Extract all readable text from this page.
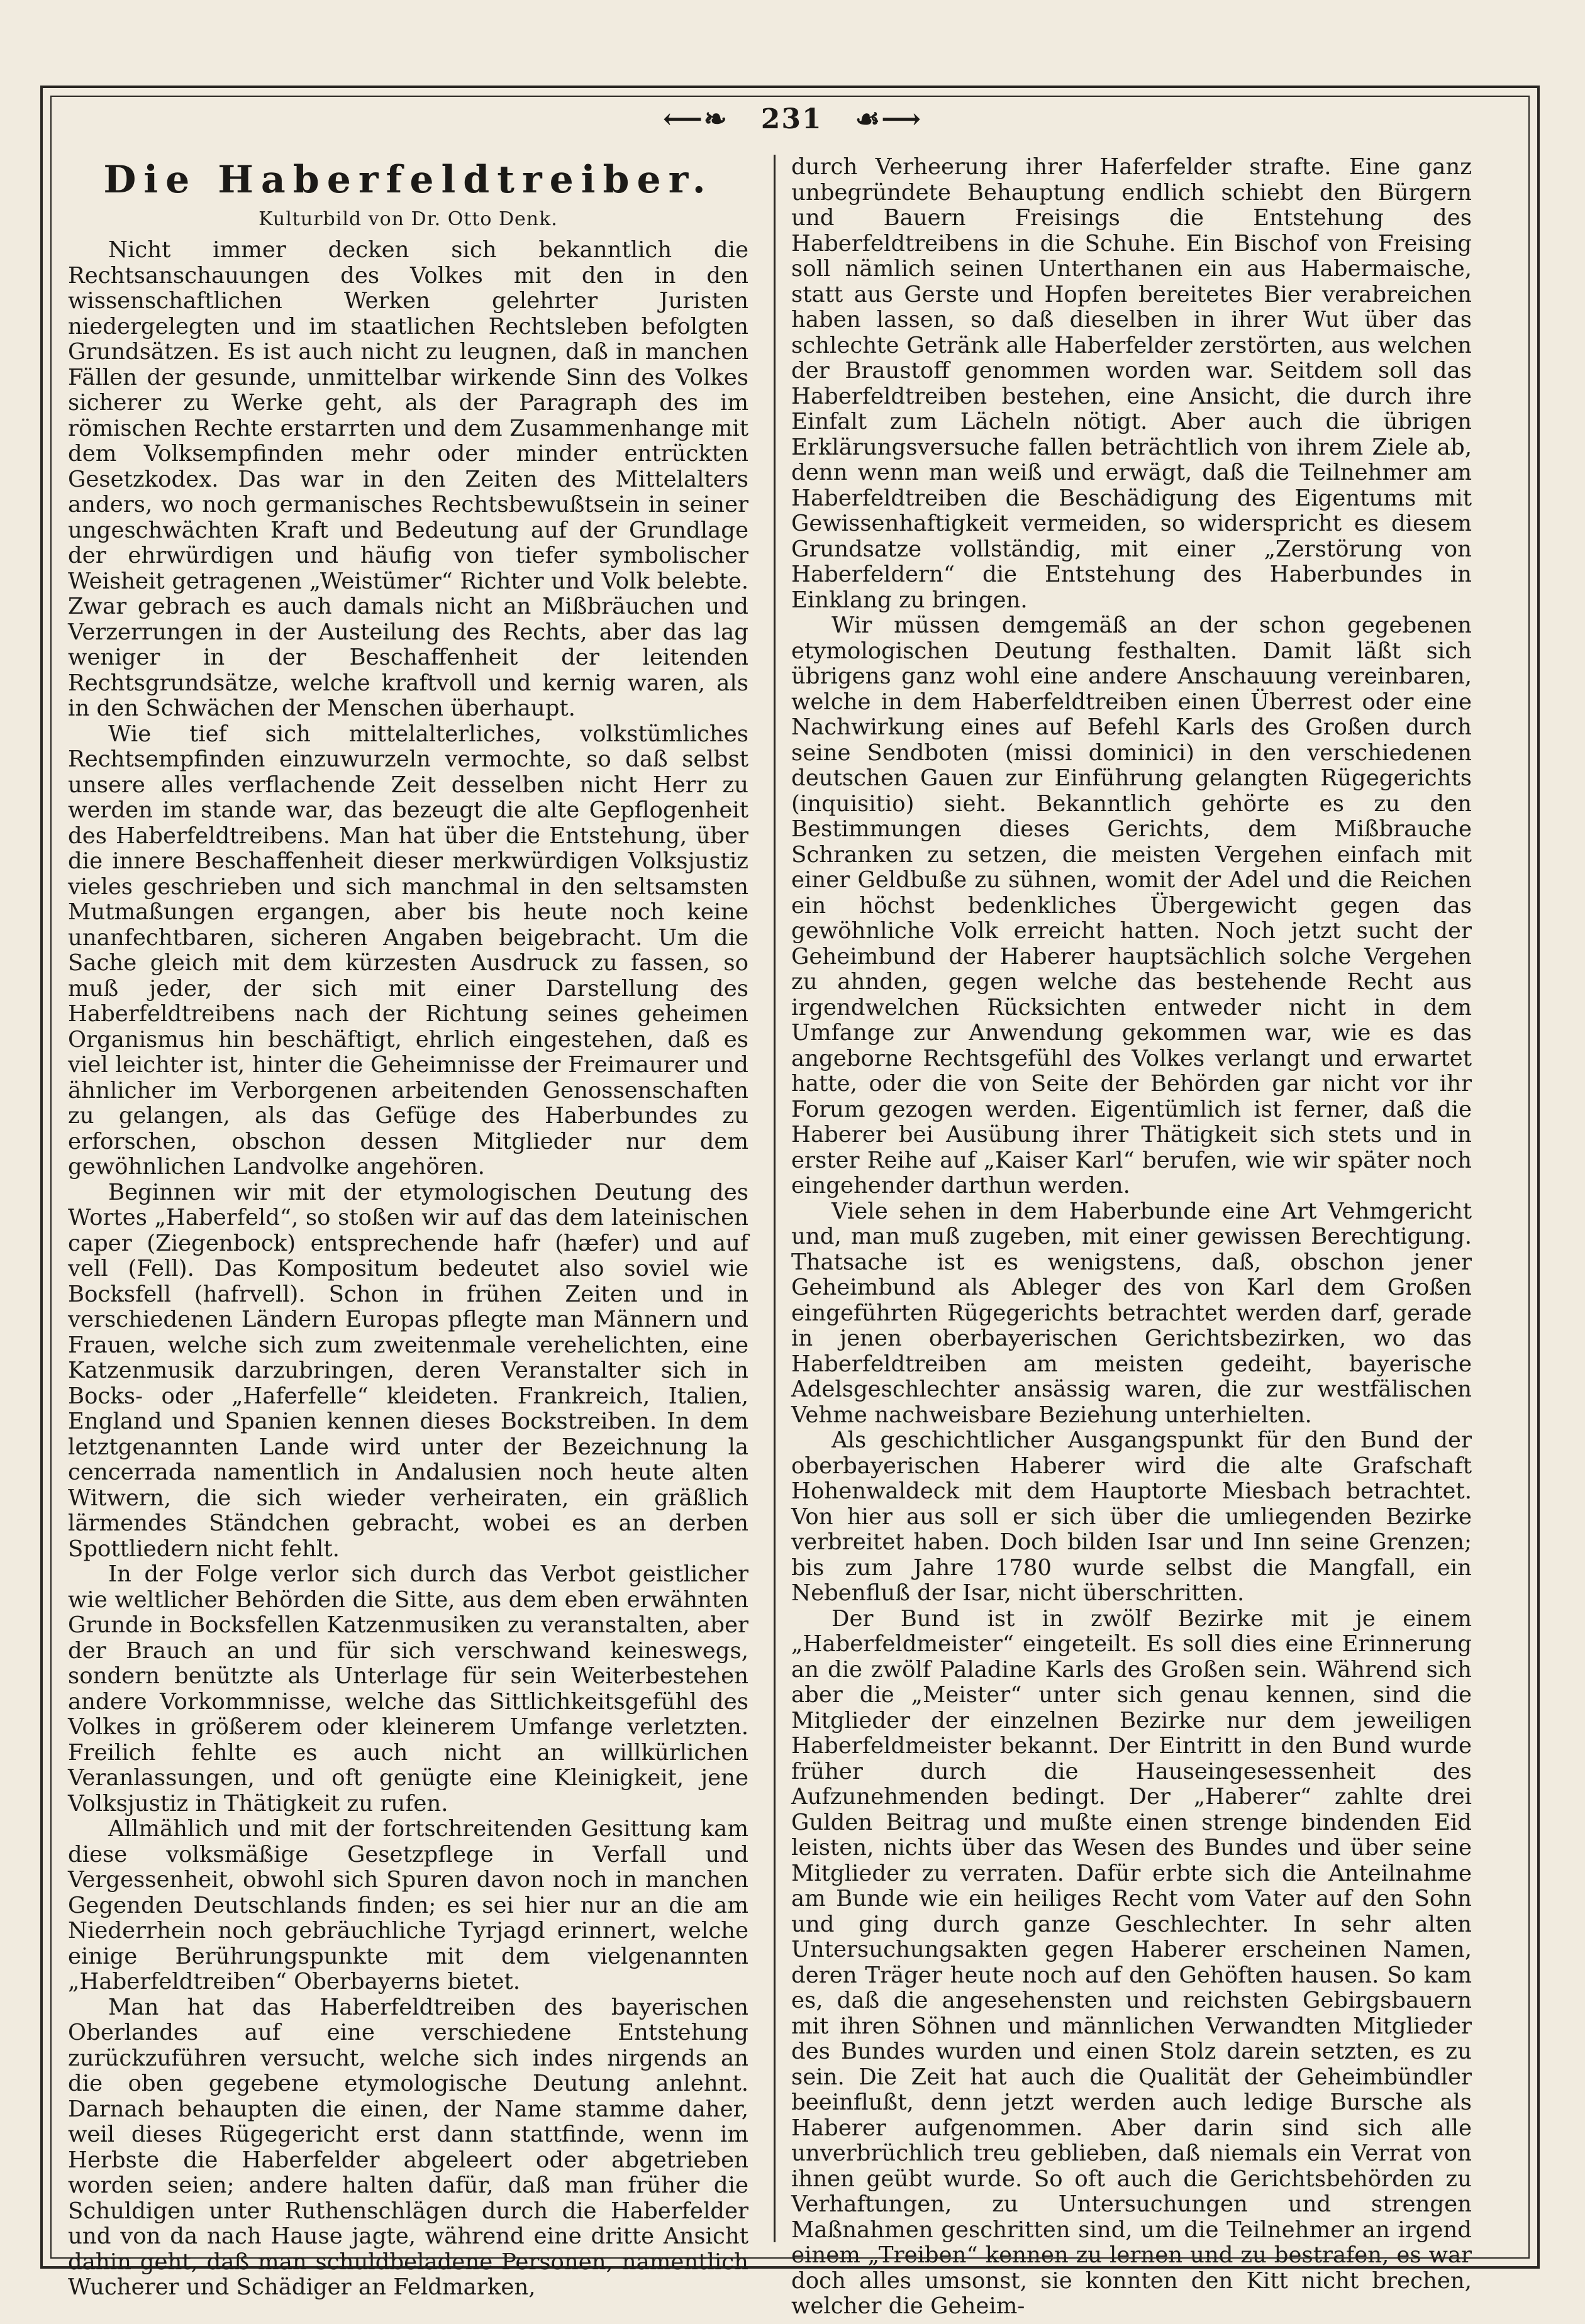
⟵❧ 231 ☙⟶
Die Haberfeldtreiber.
Kulturbild von Dr. Otto Denk.

Nicht immer decken sich bekanntlich die Rechtsanschauungen des Volkes mit den in den wissenschaftlichen Werken gelehrter Juristen niedergelegten und im staatlichen Rechtsleben befolgten Grundsätzen. Es ist auch nicht zu leugnen, daß in manchen Fällen der gesunde, unmittelbar wirkende Sinn des Volkes sicherer zu Werke geht, als der Paragraph des im römischen Rechte erstarrten und dem Zusammenhange mit dem Volksempfinden mehr oder minder entrückten Gesetzkodex. Das war in den Zeiten des Mittelalters anders, wo noch germanisches Rechtsbewußtsein in seiner ungeschwächten Kraft und Bedeutung auf der Grundlage der ehrwürdigen und häufig von tiefer symbolischer Weisheit getragenen „Weistümer“ Richter und Volk belebte. Zwar gebrach es auch damals nicht an Mißbräuchen und Verzerrungen in der Austeilung des Rechts, aber das lag weniger in der Beschaffenheit der leitenden Rechtsgrundsätze, welche kraftvoll und kernig waren, als in den Schwächen der Menschen überhaupt.

Wie tief sich mittelalterliches, volkstümliches Rechtsempfinden einzuwurzeln vermochte, so daß selbst unsere alles verflachende Zeit desselben nicht Herr zu werden im stande war, das bezeugt die alte Gepflogenheit des Haberfeldtreibens. Man hat über die Entstehung, über die innere Beschaffenheit dieser merkwürdigen Volksjustiz vieles geschrieben und sich manchmal in den seltsamsten Mutmaßungen ergangen, aber bis heute noch keine unanfechtbaren, sicheren Angaben beigebracht. Um die Sache gleich mit dem kürzesten Ausdruck zu fassen, so muß jeder, der sich mit einer Darstellung des Haberfeldtreibens nach der Richtung seines geheimen Organismus hin beschäftigt, ehrlich eingestehen, daß es viel leichter ist, hinter die Geheimnisse der Freimaurer und ähnlicher im Verborgenen arbeitenden Genossenschaften zu gelangen, als das Gefüge des Haberbundes zu erforschen, obschon dessen Mitglieder nur dem gewöhnlichen Landvolke angehören.

Beginnen wir mit der etymologischen Deutung des Wortes „Haberfeld“, so stoßen wir auf das dem lateinischen caper (Ziegenbock) entsprechende hafr (hæfer) und auf vell (Fell). Das Kompositum bedeutet also soviel wie Bocksfell (hafrvell). Schon in frühen Zeiten und in verschiedenen Ländern Europas pflegte man Männern und Frauen, welche sich zum zweitenmale verehelichten, eine Katzenmusik darzubringen, deren Veranstalter sich in Bocks- oder „Haferfelle“ kleideten. Frankreich, Italien, England und Spanien kennen dieses Bockstreiben. In dem letztgenannten Lande wird unter der Bezeichnung la cencerrada namentlich in Andalusien noch heute alten Witwern, die sich wieder verheiraten, ein gräßlich lärmendes Ständchen gebracht, wobei es an derben Spottliedern nicht fehlt.

In der Folge verlor sich durch das Verbot geistlicher wie weltlicher Behörden die Sitte, aus dem eben erwähnten Grunde in Bocksfellen Katzenmusiken zu veranstalten, aber der Brauch an und für sich verschwand keineswegs, sondern benützte als Unterlage für sein Weiterbestehen andere Vorkommnisse, welche das Sittlichkeitsgefühl des Volkes in größerem oder kleinerem Umfange verletzten. Freilich fehlte es auch nicht an willkürlichen Veranlassungen, und oft genügte eine Kleinigkeit, jene Volksjustiz in Thätigkeit zu rufen.

Allmählich und mit der fortschreitenden Gesittung kam diese volksmäßige Gesetzpflege in Verfall und Vergessenheit, obwohl sich Spuren davon noch in manchen Gegenden Deutschlands finden; es sei hier nur an die am Niederrhein noch gebräuchliche Tyrjagd erinnert, welche einige Berührungspunkte mit dem vielgenannten „Haberfeldtreiben“ Oberbayerns bietet.

Man hat das Haberfeldtreiben des bayerischen Oberlandes auf eine verschiedene Entstehung zurückzuführen versucht, welche sich indes nirgends an die oben gegebene etymologische Deutung anlehnt. Darnach behaupten die einen, der Name stamme daher, weil dieses Rügegericht erst dann stattfinde, wenn im Herbste die Haberfelder abgeleert oder abgetrieben worden seien; andere halten dafür, daß man früher die Schuldigen unter Ruthenschlägen durch die Haberfelder und von da nach Hause jagte, während eine dritte Ansicht dahin geht, daß man schuldbeladene Personen, namentlich Wucherer und Schädiger an Feldmarken,

durch Verheerung ihrer Haferfelder strafte. Eine ganz unbegründete Behauptung endlich schiebt den Bürgern und Bauern Freisings die Entstehung des Haberfeldtreibens in die Schuhe. Ein Bischof von Freising soll nämlich seinen Unterthanen ein aus Habermaische, statt aus Gerste und Hopfen bereitetes Bier verabreichen haben lassen, so daß dieselben in ihrer Wut über das schlechte Getränk alle Haberfelder zerstörten, aus welchen der Braustoff genommen worden war. Seitdem soll das Haberfeldtreiben bestehen, eine Ansicht, die durch ihre Einfalt zum Lächeln nötigt. Aber auch die übrigen Erklärungsversuche fallen beträchtlich von ihrem Ziele ab, denn wenn man weiß und erwägt, daß die Teilnehmer am Haberfeldtreiben die Beschädigung des Eigentums mit Gewissenhaftigkeit vermeiden, so widerspricht es diesem Grundsatze vollständig, mit einer „Zerstörung von Haberfeldern“ die Entstehung des Haberbundes in Einklang zu bringen.

Wir müssen demgemäß an der schon gegebenen etymologischen Deutung festhalten. Damit läßt sich übrigens ganz wohl eine andere Anschauung vereinbaren, welche in dem Haberfeldtreiben einen Überrest oder eine Nachwirkung eines auf Befehl Karls des Großen durch seine Sendboten (missi dominici) in den verschiedenen deutschen Gauen zur Einführung gelangten Rügegerichts (inquisitio) sieht. Bekanntlich gehörte es zu den Bestimmungen dieses Gerichts, dem Mißbrauche Schranken zu setzen, die meisten Vergehen einfach mit einer Geldbuße zu sühnen, womit der Adel und die Reichen ein höchst bedenkliches Übergewicht gegen das gewöhnliche Volk erreicht hatten. Noch jetzt sucht der Geheimbund der Haberer hauptsächlich solche Vergehen zu ahnden, gegen welche das bestehende Recht aus irgendwelchen Rücksichten entweder nicht in dem Umfange zur Anwendung gekommen war, wie es das angeborne Rechtsgefühl des Volkes verlangt und erwartet hatte, oder die von Seite der Behörden gar nicht vor ihr Forum gezogen werden. Eigentümlich ist ferner, daß die Haberer bei Ausübung ihrer Thätigkeit sich stets und in erster Reihe auf „Kaiser Karl“ berufen, wie wir später noch eingehender darthun werden.

Viele sehen in dem Haberbunde eine Art Vehmgericht und, man muß zugeben, mit einer gewissen Berechtigung. Thatsache ist es wenigstens, daß, obschon jener Geheimbund als Ableger des von Karl dem Großen eingeführten Rügegerichts betrachtet werden darf, gerade in jenen oberbayerischen Gerichtsbezirken, wo das Haberfeldtreiben am meisten gedeiht, bayerische Adelsgeschlechter ansässig waren, die zur westfälischen Vehme nachweisbare Beziehung unterhielten.

Als geschichtlicher Ausgangspunkt für den Bund der oberbayerischen Haberer wird die alte Grafschaft Hohenwaldeck mit dem Hauptorte Miesbach betrachtet. Von hier aus soll er sich über die umliegenden Bezirke verbreitet haben. Doch bilden Isar und Inn seine Grenzen; bis zum Jahre 1780 wurde selbst die Mangfall, ein Nebenfluß der Isar, nicht überschritten.

Der Bund ist in zwölf Bezirke mit je einem „Haberfeldmeister“ eingeteilt. Es soll dies eine Erinnerung an die zwölf Paladine Karls des Großen sein. Während sich aber die „Meister“ unter sich genau kennen, sind die Mitglieder der einzelnen Bezirke nur dem jeweiligen Haberfeldmeister bekannt. Der Eintritt in den Bund wurde früher durch die Hauseingesessenheit des Aufzunehmenden bedingt. Der „Haberer“ zahlte drei Gulden Beitrag und mußte einen strenge bindenden Eid leisten, nichts über das Wesen des Bundes und über seine Mitglieder zu verraten. Dafür erbte sich die Anteilnahme am Bunde wie ein heiliges Recht vom Vater auf den Sohn und ging durch ganze Geschlechter. In sehr alten Untersuchungsakten gegen Haberer erscheinen Namen, deren Träger heute noch auf den Gehöften hausen. So kam es, daß die angesehensten und reichsten Gebirgsbauern mit ihren Söhnen und männlichen Verwandten Mitglieder des Bundes wurden und einen Stolz darein setzten, es zu sein. Die Zeit hat auch die Qualität der Geheimbündler beeinflußt, denn jetzt werden auch ledige Bursche als Haberer aufgenommen. Aber darin sind sich alle unverbrüchlich treu geblieben, daß niemals ein Verrat von ihnen geübt wurde. So oft auch die Gerichtsbehörden zu Verhaftungen, zu Untersuchungen und strengen Maßnahmen geschritten sind, um die Teilnehmer an irgend einem „Treiben“ kennen zu lernen und zu bestrafen, es war doch alles umsonst, sie konnten den Kitt nicht brechen, welcher die Geheim-
